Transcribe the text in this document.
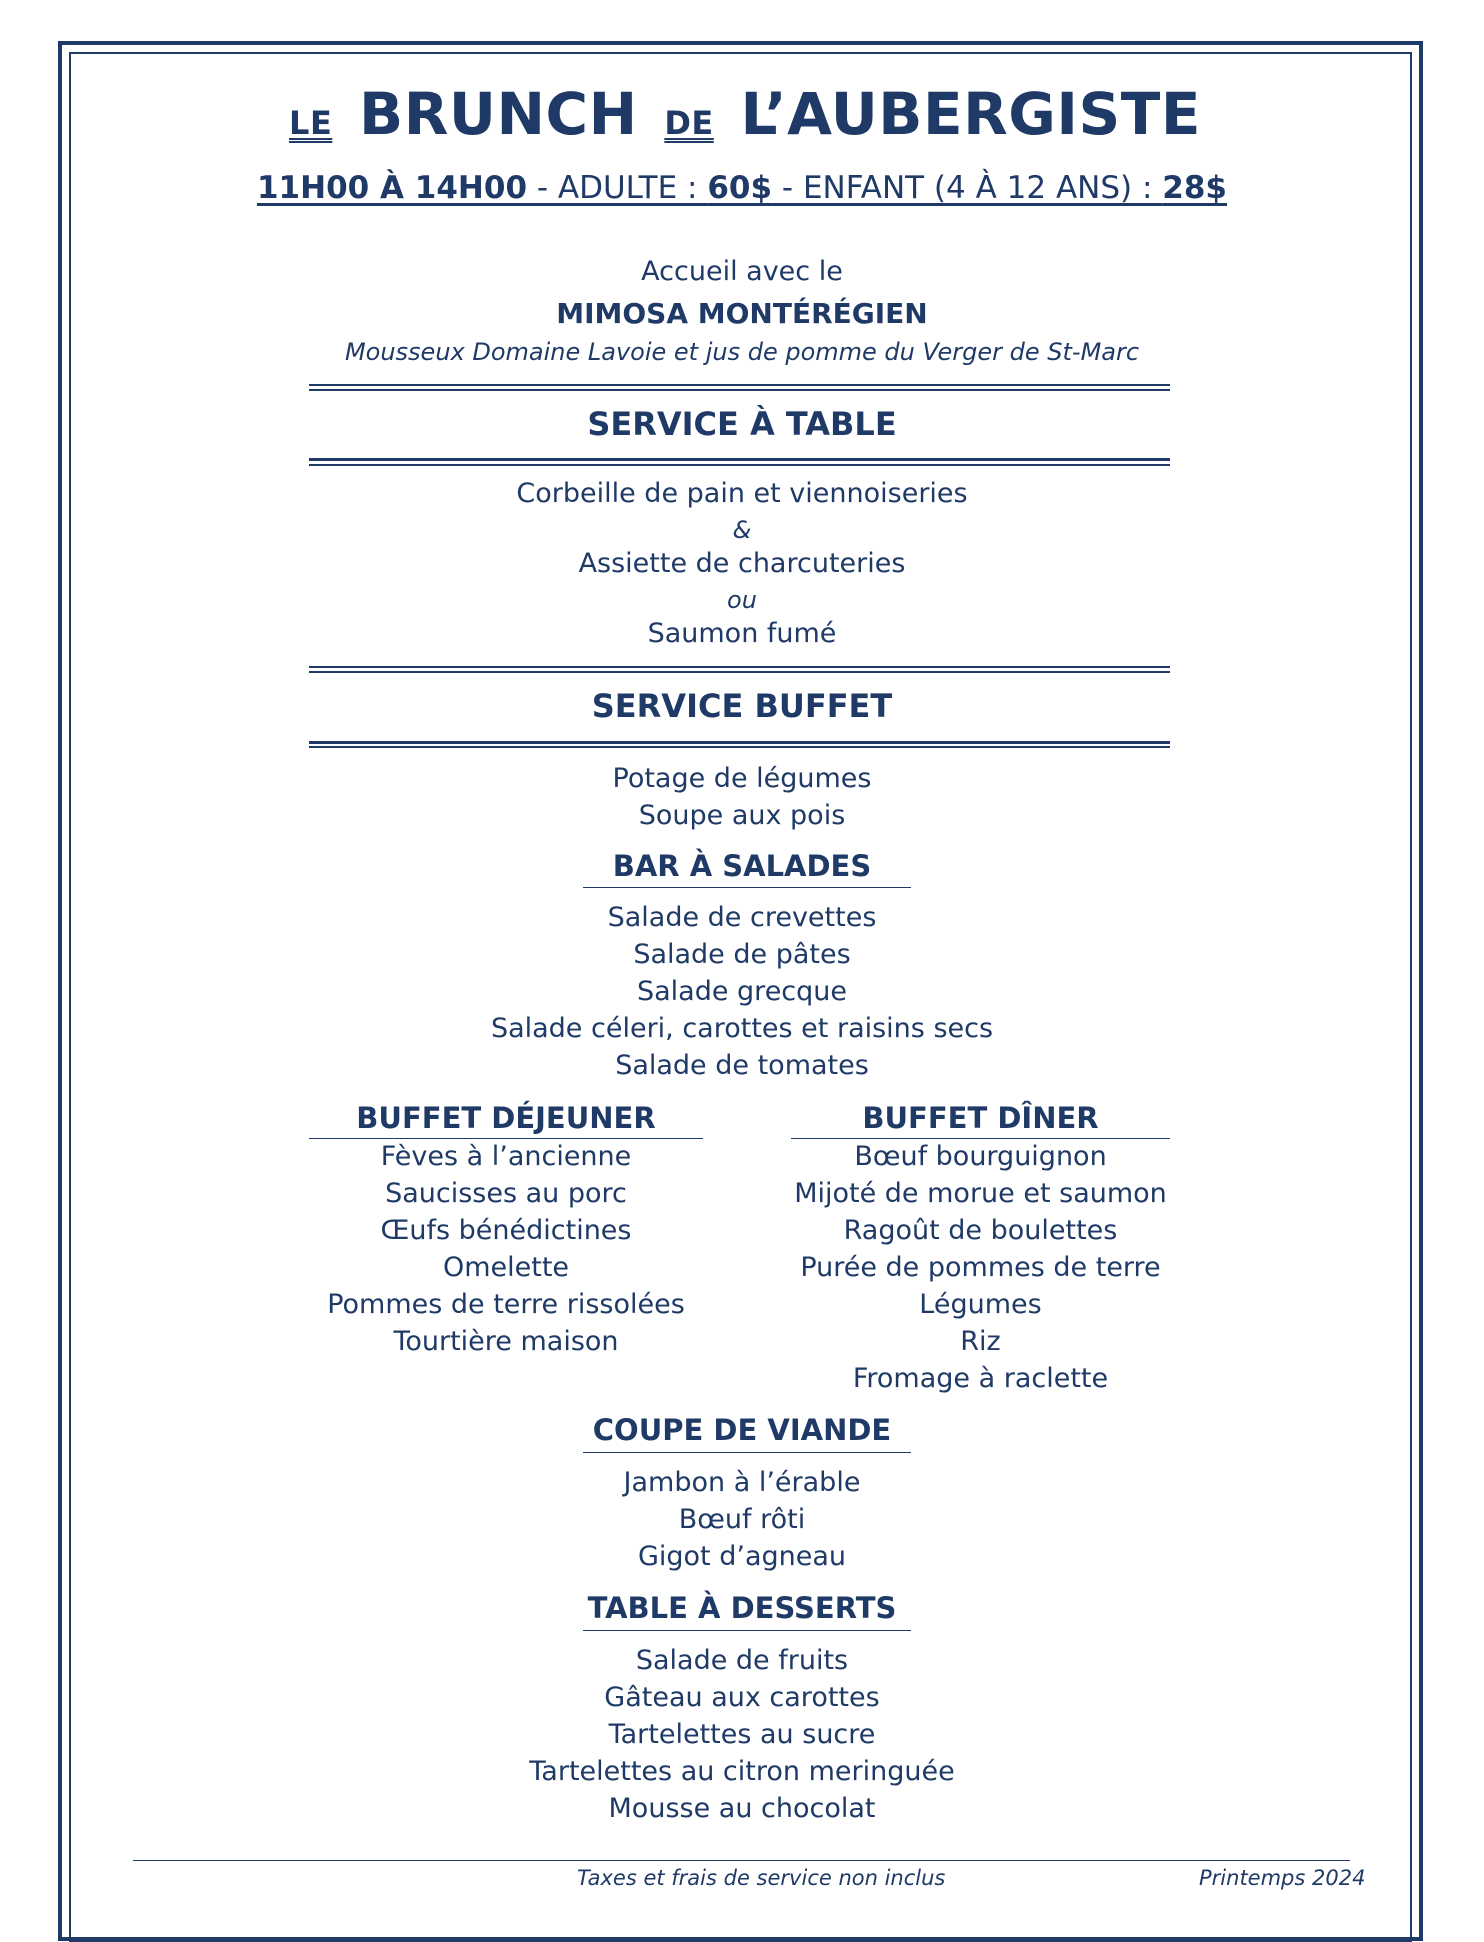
LE BRUNCH DE L’AUBERGISTE
11H00 À 14H00 - ADULTE : 60$ - ENFANT (4 À 12 ANS) : 28$
Accueil avec le
MIMOSA MONTÉRÉGIEN
Mousseux Domaine Lavoie et jus de pomme du Verger de St-Marc
SERVICE À TABLE
Corbeille de pain et viennoiseries
&
Assiette de charcuteries
ou
Saumon fumé
SERVICE BUFFET
Potage de légumes
Soupe aux pois
BAR À SALADES
Salade de crevettes
Salade de pâtes
Salade grecque
Salade céleri, carottes et raisins secs
Salade de tomates
BUFFET DÉJEUNER	BUFFET DÎNER
Fèves à l’ancienne
Saucisses au porc
Œufs bénédictines
Omelette
Pommes de terre rissolées
Tourtière maison
Bœuf bourguignon
Mijoté de morue et saumon
Ragoût de boulettes
Purée de pommes de terre
Légumes
Riz
Fromage à raclette
COUPE DE VIANDE
Jambon à l’érable
Bœuf rôti
Gigot d’agneau
TABLE À DESSERTS
Salade de fruits
Gâteau aux carottes
Tartelettes au sucre
Tartelettes au citron meringuée
Mousse au chocolat
Taxes et frais de service non inclus	Printemps 2024
